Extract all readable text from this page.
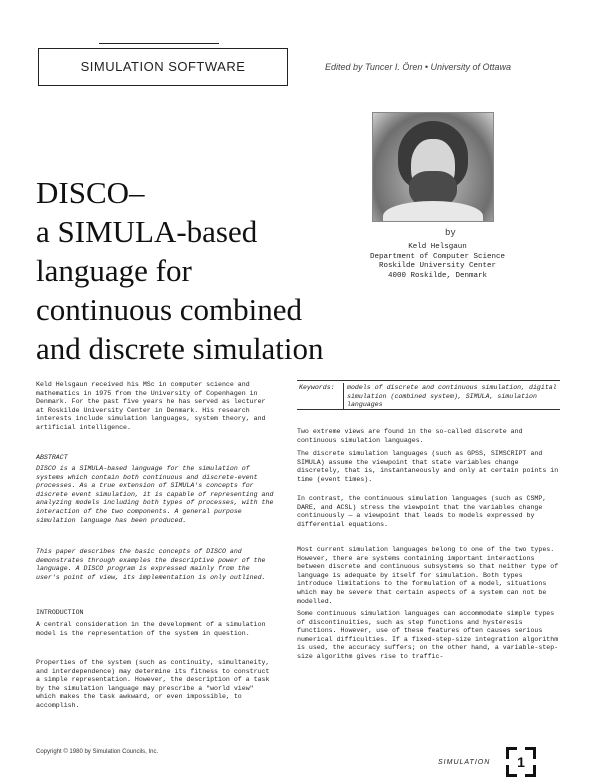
SIMULATION SOFTWARE	Edited by Tuncer I. Ören • University of Ottawa
DISCO–
a SIMULA-based
language for
continuous combined
and discrete simulation
by
Keld Helsgaun
Department of Computer Science
Roskilde University Center
4000 Roskilde, Denmark
Keld Helsgaun received his MSc in computer science and mathematics in 1975 from the University of Copenhagen in Denmark. For the past five years he has served as lecturer at Roskilde University Center in Denmark. His research interests include simulation languages, system theory, and artificial intelligence.
ABSTRACT
DISCO is a SIMULA-based language for the simulation of systems which contain both continuous and discrete-event processes. As a true extension of SIMULA's concepts for discrete event simulation, it is capable of representing and analyzing models including both types of processes, with the interaction of the two components. A general purpose simulation language has been produced.
This paper describes the basic concepts of DISCO and demonstrates through examples the descriptive power of the language. A DISCO program is expressed mainly from the user's point of view, its implementation is only outlined.
INTRODUCTION
A central consideration in the development of a simulation model is the representation of the system in question.
Properties of the system (such as continuity, simultaneity, and interdependence) may determine its fitness to construct a simple representation. However, the description of a task by the simulation language may prescribe a "world view" which makes the task awkward, or even impossible, to accomplish.
Keywords: models of discrete and continuous simulation, digital simulation (combined system), SIMULA, simulation languages
Two extreme views are found in the so-called discrete and continuous simulation languages.
The discrete simulation languages (such as GPSS, SIMSCRIPT and SIMULA) assume the viewpoint that state variables change discretely, that is, instantaneously and only at certain points in time (event times).
In contrast, the continuous simulation languages (such as CSMP, DARE, and ACSL) stress the viewpoint that the variables change continuously — a viewpoint that leads to models expressed by differential equations.
Most current simulation languages belong to one of the two types. However, there are systems containing important interactions between discrete and continuous subsystems so that neither type of language is adequate by itself for simulation. Both types introduce limitations to the formulation of a model, situations which may be severe that certain aspects of a system can not be modelled.
Some continuous simulation languages can accommodate simple types of discontinuities, such as step functions and hysteresis functions. However, use of these features often causes serious numerical difficulties. If a fixed-step-size integration algorithm is used, the accuracy suffers; on the other hand, a variable-step-size algorithm gives rise to traffic-
Copyright © 1980 by Simulation Councils, Inc.
SIMULATION	1
